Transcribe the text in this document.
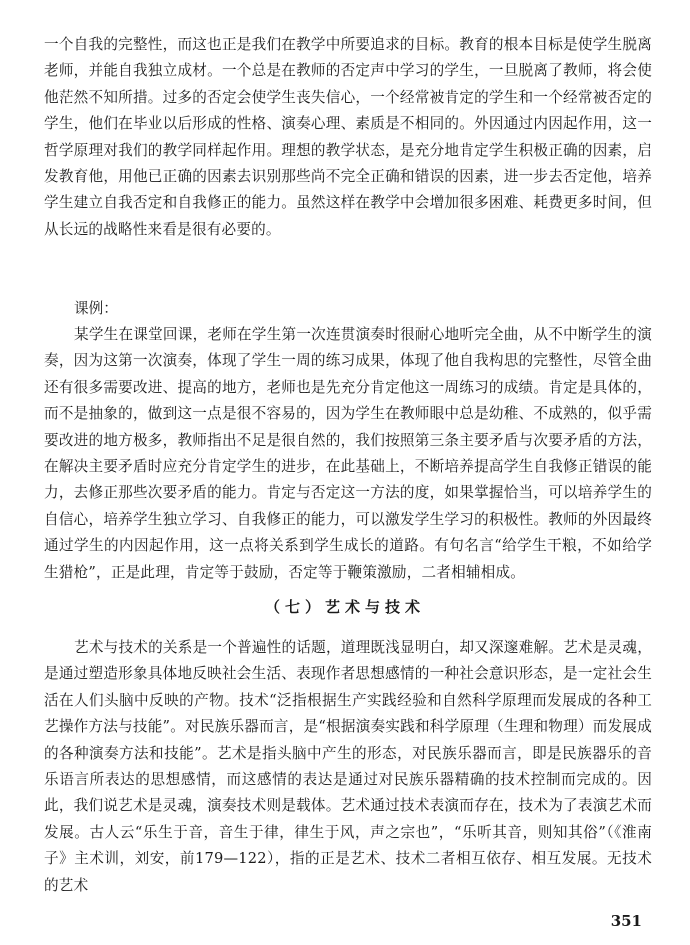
一个自我的完整性，而这也正是我们在教学中所要追求的目标。教育的根本目标是使学生脱离老师，并能自我独立成材。一个总是在教师的否定声中学习的学生，一旦脱离了教师，将会使他茫然不知所措。过多的否定会使学生丧失信心，一个经常被肯定的学生和一个经常被否定的学生，他们在毕业以后形成的性格、演奏心理、素质是不相同的。外因通过内因起作用，这一哲学原理对我们的教学同样起作用。理想的教学状态，是充分地肯定学生积极正确的因素，启发教育他，用他已正确的因素去识别那些尚不完全正确和错误的因素，进一步去否定他，培养学生建立自我否定和自我修正的能力。虽然这样在教学中会增加很多困难、耗费更多时间，但从长远的战略性来看是很有必要的。

课例：

某学生在课堂回课，老师在学生第一次连贯演奏时很耐心地听完全曲，从不中断学生的演奏，因为这第一次演奏，体现了学生一周的练习成果，体现了他自我构思的完整性，尽管全曲还有很多需要改进、提高的地方，老师也是先充分肯定他这一周练习的成绩。肯定是具体的，而不是抽象的，做到这一点是很不容易的，因为学生在教师眼中总是幼稚、不成熟的，似乎需要改进的地方极多，教师指出不足是很自然的，我们按照第三条主要矛盾与次要矛盾的方法，在解决主要矛盾时应充分肯定学生的进步，在此基础上，不断培养提高学生自我修正错误的能力，去修正那些次要矛盾的能力。肯定与否定这一方法的度，如果掌握恰当，可以培养学生的自信心，培养学生独立学习、自我修正的能力，可以激发学生学习的积极性。教师的外因最终通过学生的内因起作用，这一点将关系到学生成长的道路。有句名言“给学生干粮，不如给学生猎枪”，正是此理，肯定等于鼓励，否定等于鞭策激励，二者相辅相成。

（七）艺术与技术

艺术与技术的关系是一个普遍性的话题，道理既浅显明白，却又深邃难解。艺术是灵魂，是通过塑造形象具体地反映社会生活、表现作者思想感情的一种社会意识形态，是一定社会生活在人们头脑中反映的产物。技术“泛指根据生产实践经验和自然科学原理而发展成的各种工艺操作方法与技能”。对民族乐器而言，是“根据演奏实践和科学原理（生理和物理）而发展成的各种演奏方法和技能”。艺术是指头脑中产生的形态，对民族乐器而言，即是民族器乐的音乐语言所表达的思想感情，而这感情的表达是通过对民族乐器精确的技术控制而完成的。因此，我们说艺术是灵魂，演奏技术则是载体。艺术通过技术表演而存在，技术为了表演艺术而发展。古人云“乐生于音，音生于律，律生于风，声之宗也”，“乐听其音，则知其俗”（《淮南子》主术训，刘安，前179—122），指的正是艺术、技术二者相互依存、相互发展。无技术的艺术

351
